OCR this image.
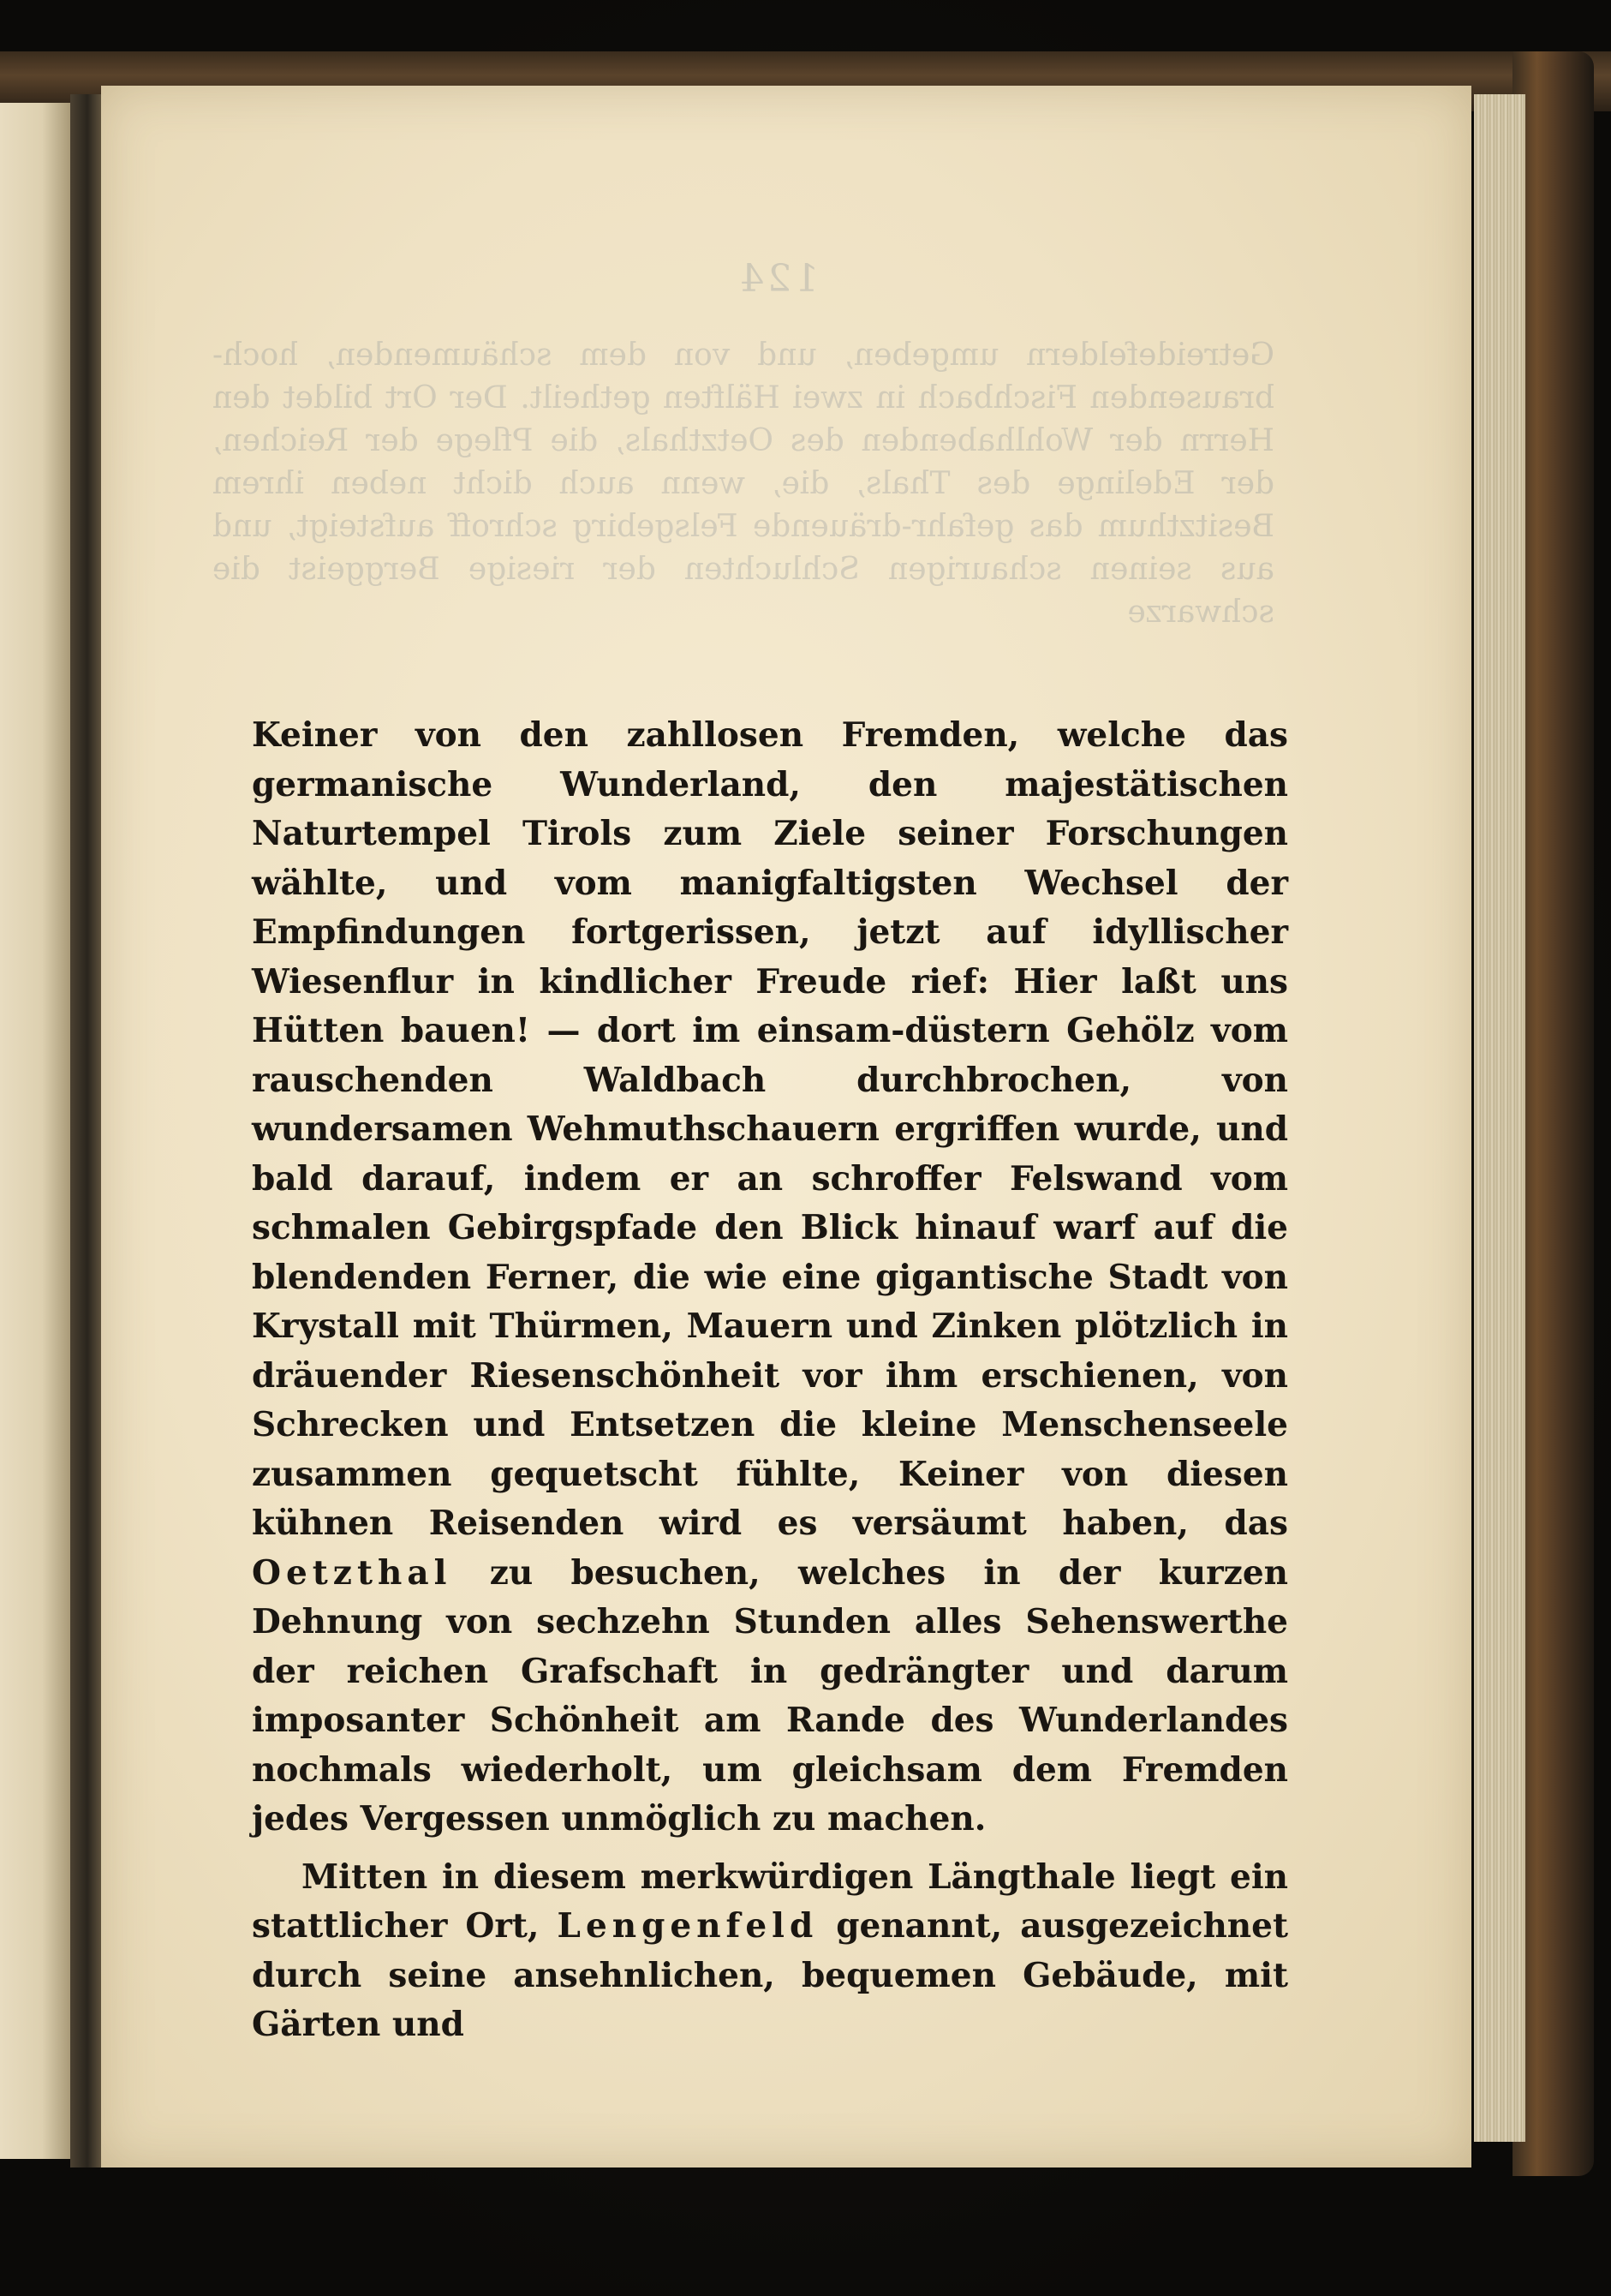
124
Getreidefeldern umgeben, und von dem schäumenden, hoch-brausenden Fischbach in zwei Hälften getheilt. Der Ort bildet den Herrn der Wohlhabenden des Oetzthals, die Pflege der Reichen, der Edelinge des Thals, die, wenn auch dicht neben ihrem Besitzthum das gefahr-dräuende Felsgebirg schroff aufsteigt, und aus seinen schaurigen Schluchten der riesige Berggeist die schwarze

Keiner von den zahllosen Fremden, welche das germanische Wunderland, den majestätischen Naturtempel Tirols zum Ziele seiner Forschungen wählte, und vom manigfaltigsten Wechsel der Empfindungen fortgerissen, jetzt auf idyllischer Wiesenflur in kindlicher Freude rief: Hier laßt uns Hütten bauen! — dort im einsam-düstern Gehölz vom rauschenden Waldbach durchbrochen, von wundersamen Wehmuthschauern ergriffen wurde, und bald darauf, indem er an schroffer Felswand vom schmalen Gebirgspfade den Blick hinauf warf auf die blendenden Ferner, die wie eine gigantische Stadt von Krystall mit Thürmen, Mauern und Zinken plötzlich in dräuender Riesenschönheit vor ihm erschienen, von Schrecken und Entsetzen die kleine Menschenseele zusammen gequetscht fühlte, Keiner von diesen kühnen Reisenden wird es versäumt haben, das Oetzthal zu besuchen, welches in der kurzen Dehnung von sechzehn Stunden alles Sehenswerthe der reichen Grafschaft in gedrängter und darum imposanter Schönheit am Rande des Wunderlandes nochmals wiederholt, um gleichsam dem Fremden jedes Vergessen unmöglich zu machen.

Mitten in diesem merkwürdigen Längthale liegt ein stattlicher Ort, Lengenfeld genannt, ausgezeichnet durch seine ansehnlichen, bequemen Gebäude, mit Gärten und
